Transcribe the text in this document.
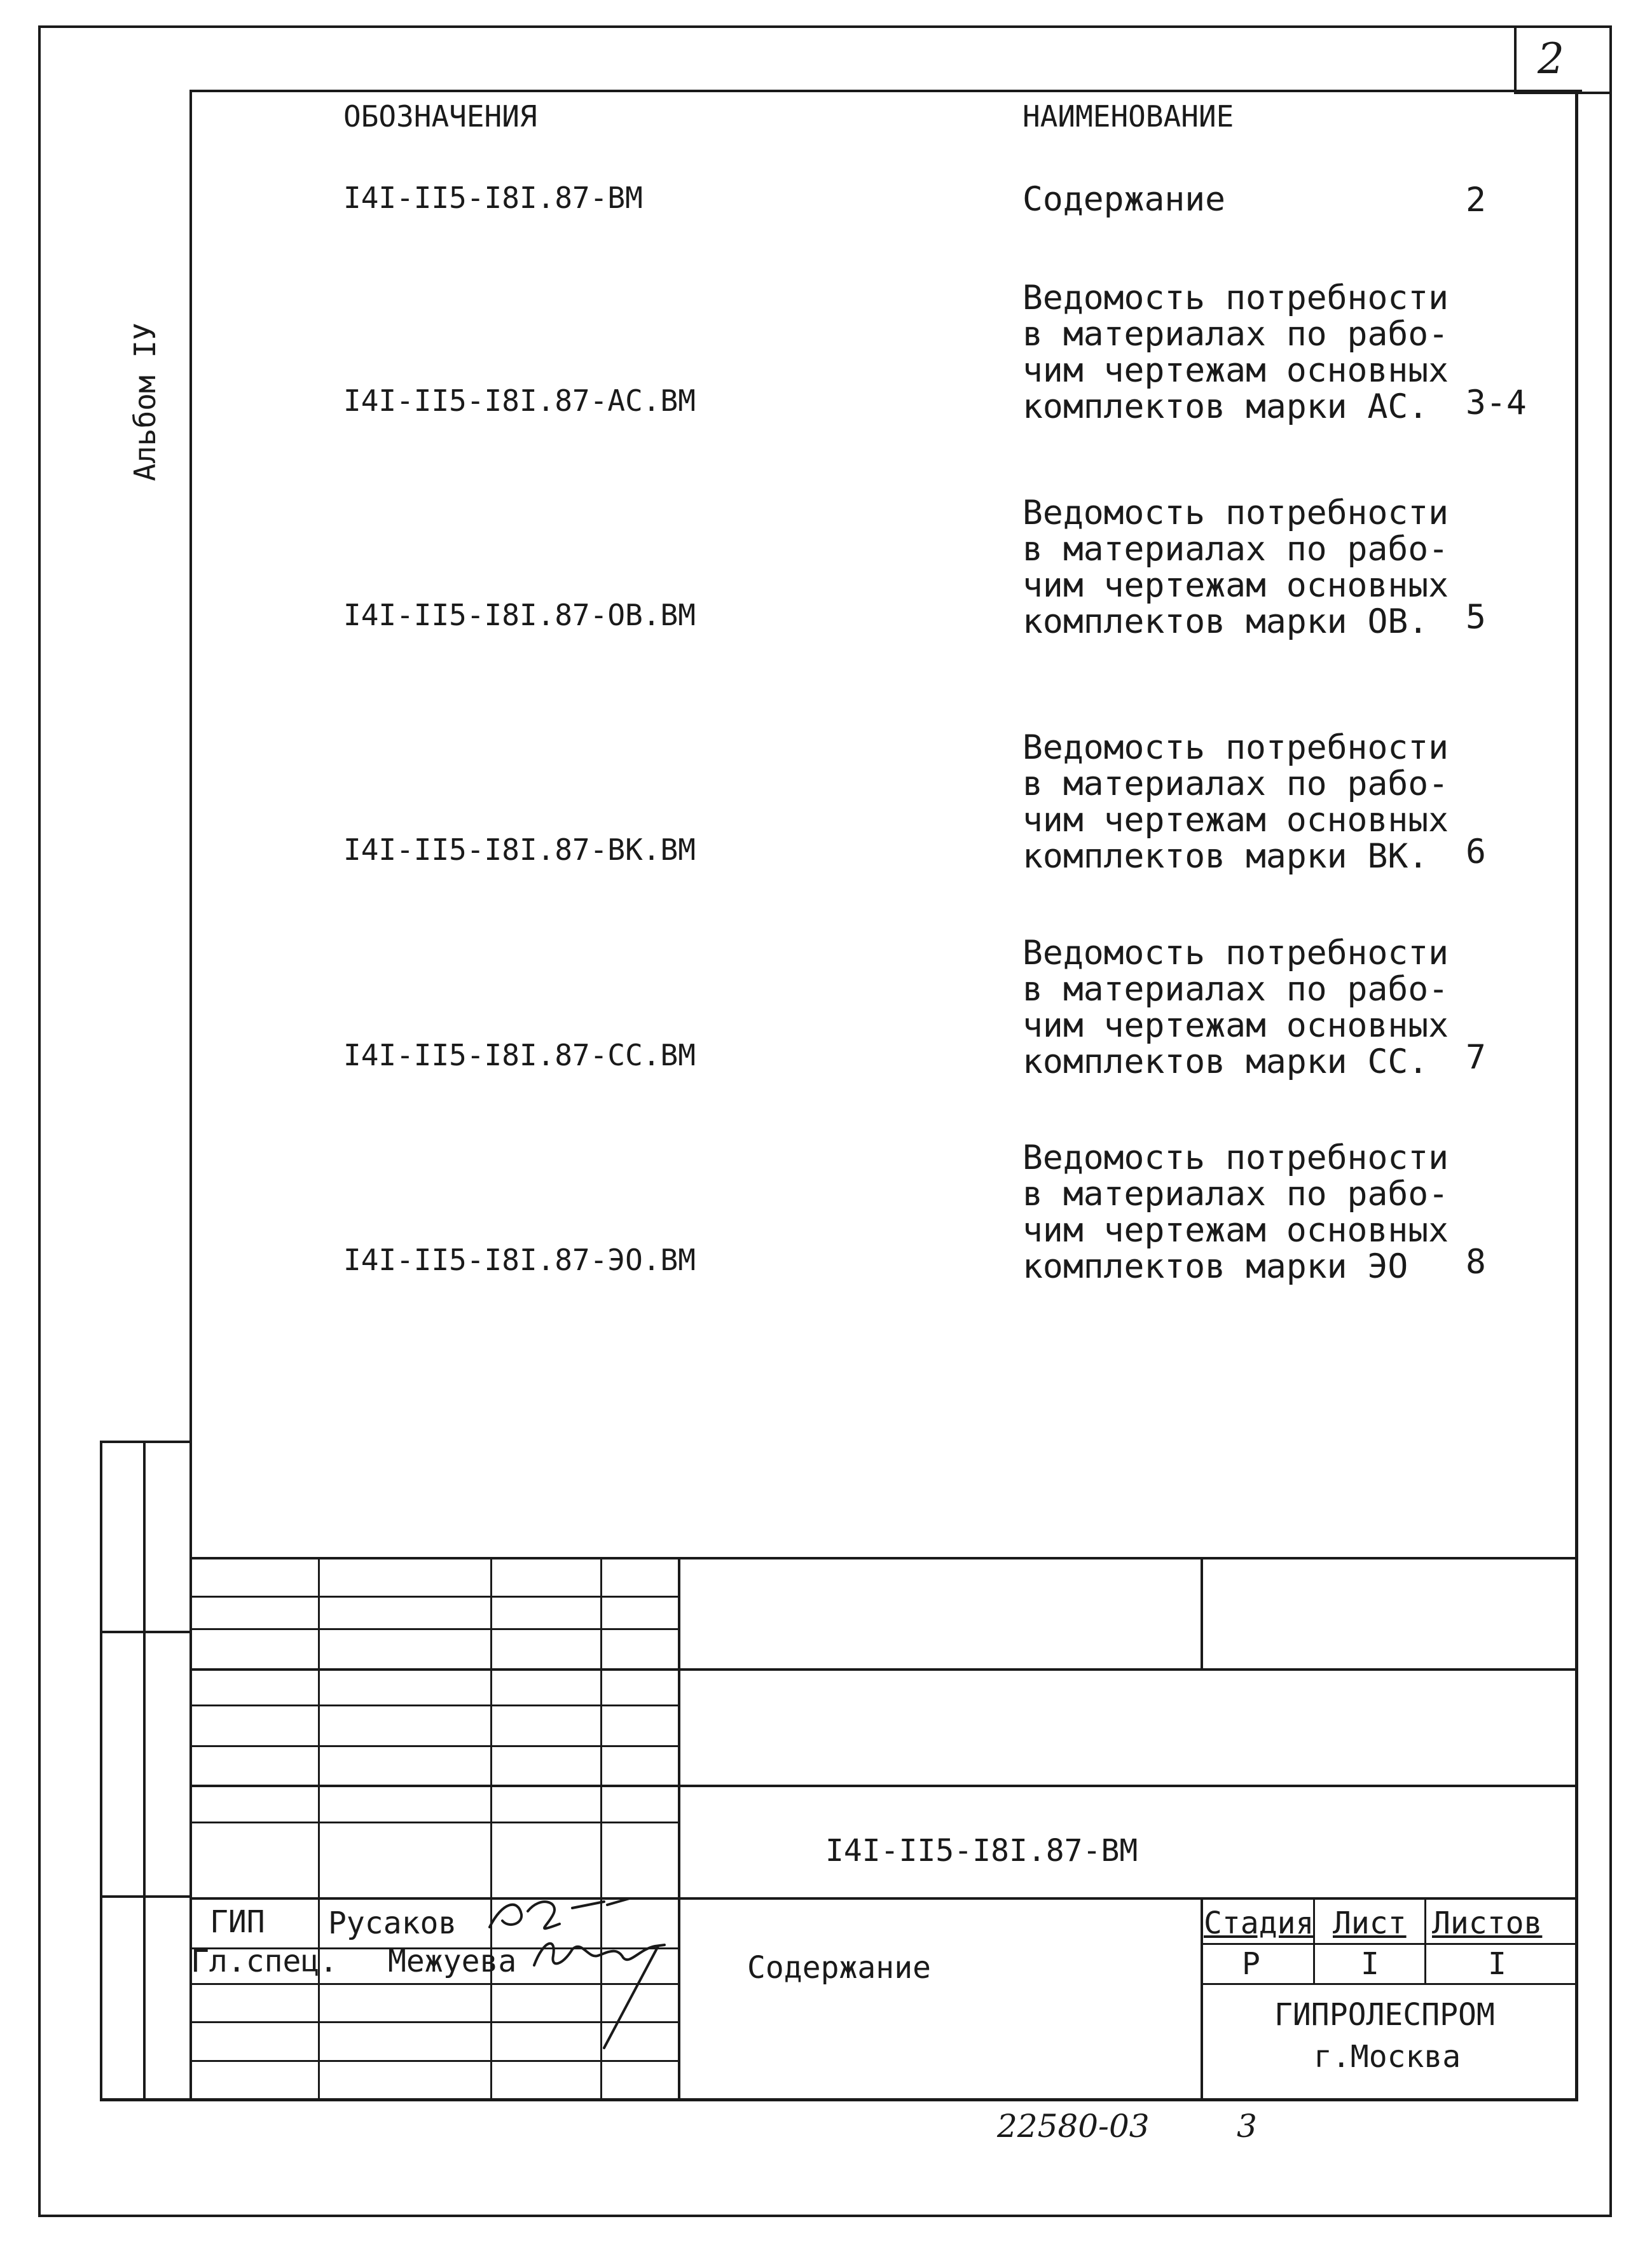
2
Альбом IУ
ОБОЗНАЧЕНИЯ	НАИМЕНОВАНИЕ
I4I-II5-I8I.87-ВМ	Содержание	2
I4I-II5-I8I.87-АС.ВМ
Ведомость потребности
в материалах по рабо-
чим чертежам основных
комплектов марки АС.	3-4
I4I-II5-I8I.87-ОВ.ВМ
Ведомость потребности
в материалах по рабо-
чим чертежам основных
комплектов марки ОВ.	5
I4I-II5-I8I.87-ВК.ВМ
Ведомость потребности
в материалах по рабо-
чим чертежам основных
комплектов марки ВК.	6
I4I-II5-I8I.87-СС.ВМ
Ведомость потребности
в материалах по рабо-
чим чертежам основных
комплектов марки СС.	7
I4I-II5-I8I.87-ЭО.ВМ
Ведомость потребности
в материалах по рабо-
чим чертежам основных
комплектов марки ЭО	8
I4I-II5-I8I.87-ВМ
Содержание
ГИП Русаков
Гл.спец. Межуева
Стадия Лист Листов
Р	I	I
ГИПРОЛЕСПРОМ
г.Москва
22580-03	3
